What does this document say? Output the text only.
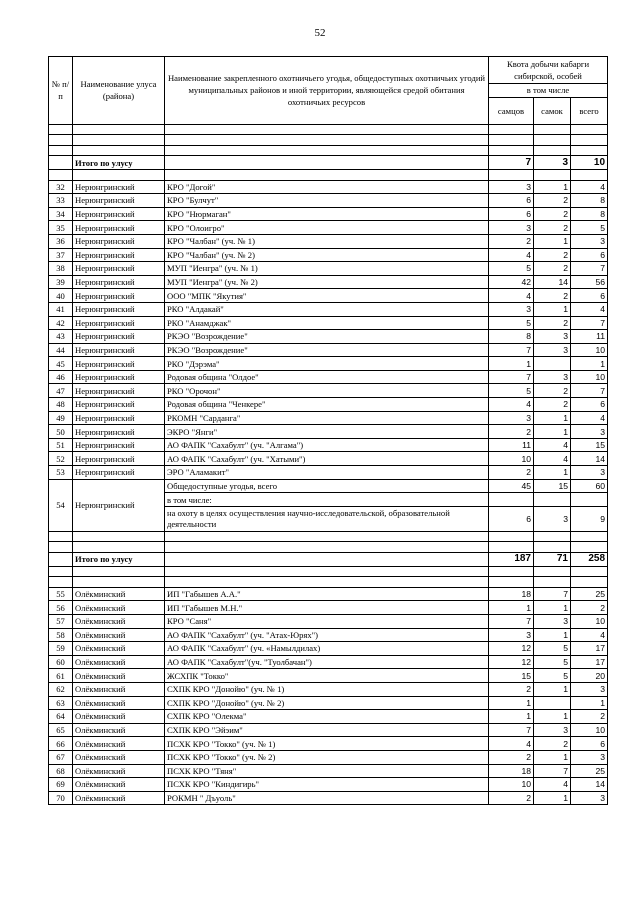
52
№ п/п	Наименование улуса (района)	Наименование закрепленного охотничьего угодья, общедоступных охотничьих угодий муниципальных районов и иной территории, являющейся средой обитания охотничьих ресурсов	Квота добычи кабарги сибирской, особей		
			в том числе		
			самцов	самок	всего

	Итого по улусу		7	3	10

32	Нерюнгринский	КРО "Догой"	3	1	4
33	Нерюнгринский	КРО "Булчут"	6	2	8
34	Нерюнгринский	КРО "Нюрмаган"	6	2	8
35	Нерюнгринский	КРО "Олоигро"	3	2	5
36	Нерюнгринский	КРО "Чалбан" (уч. № 1)	2	1	3
37	Нерюнгринский	КРО "Чалбан" (уч. № 2)	4	2	6
38	Нерюнгринский	МУП "Иенгра" (уч. № 1)	5	2	7
39	Нерюнгринский	МУП "Иенгра" (уч. № 2)	42	14	56
40	Нерюнгринский	ООО "МПК "Якутия"	4	2	6
41	Нерюнгринский	РКО "Алдакай"	3	1	4
42	Нерюнгринский	РКО "Анамджак"	5	2	7
43	Нерюнгринский	РКЭО "Возрождение"	8	3	11
44	Нерюнгринский	РКЭО "Возрождение"	7	3	10
45	Нерюнгринский	РКО "Дэрэма"	1		1
46	Нерюнгринский	Родовая община "Олдое"	7	3	10
47	Нерюнгринский	РКО "Орочон"	5	2	7
48	Нерюнгринский	Родовая община "Ченкере"	4	2	6
49	Нерюнгринский	РКОМН "Сарданга"	3	1	4
50	Нерюнгринский	ЭКРО "Янги"	2	1	3
51	Нерюнгринский	АО ФАПК "Сахабулт" (уч. "Алгама")	11	4	15
52	Нерюнгринский	АО ФАПК "Сахабулт" (уч. "Хатыми")	10	4	14
53	Нерюнгринский	ЭРО "Аламакит"	2	1	3
54	Нерюнгринский	Общедоступные угодья, всего	45	15	60
		в том числе:			
		на охоту в целях осуществления научно-исследовательской, образовательной деятельности	6	3	9

	Итого по улусу		187	71	258

55	Олёкминский	ИП "Габышев А.А."	18	7	25
56	Олёкминский	ИП "Габышев М.Н."	1	1	2
57	Олёкминский	КРО "Саня"	7	3	10
58	Олёкминский	АО ФАПК "Сахабулт" (уч. "Атах-Юрях")	3	1	4
59	Олёкминский	АО ФАПК "Сахабулт" (уч. «Намылдилах)	12	5	17
60	Олёкминский	АО ФАПК "Сахабулт"(уч. "Туолбачан")	12	5	17
61	Олёкминский	ЖСХПК "Токко"	15	5	20
62	Олёкминский	СХПК КРО "Донойю" (уч. № 1)	2	1	3
63	Олёкминский	СХПК КРО "Донойю" (уч. № 2)	1		1
64	Олёкминский	СХПК КРО "Олекма"	1	1	2
65	Олёкминский	СХПК КРО "Эйэим"	7	3	10
66	Олёкминский	ПСХК КРО "Токко" (уч. № 1)	4	2	6
67	Олёкминский	ПСХК КРО "Токко" (уч. № 2)	2	1	3
68	Олёкминский	ПСХК КРО "Тяня"	18	7	25
69	Олёкминский	ПСХК КРО "Киндигирь"	10	4	14
70	Олёкминский	РОКМН " Дъуоль"	2	1	3
